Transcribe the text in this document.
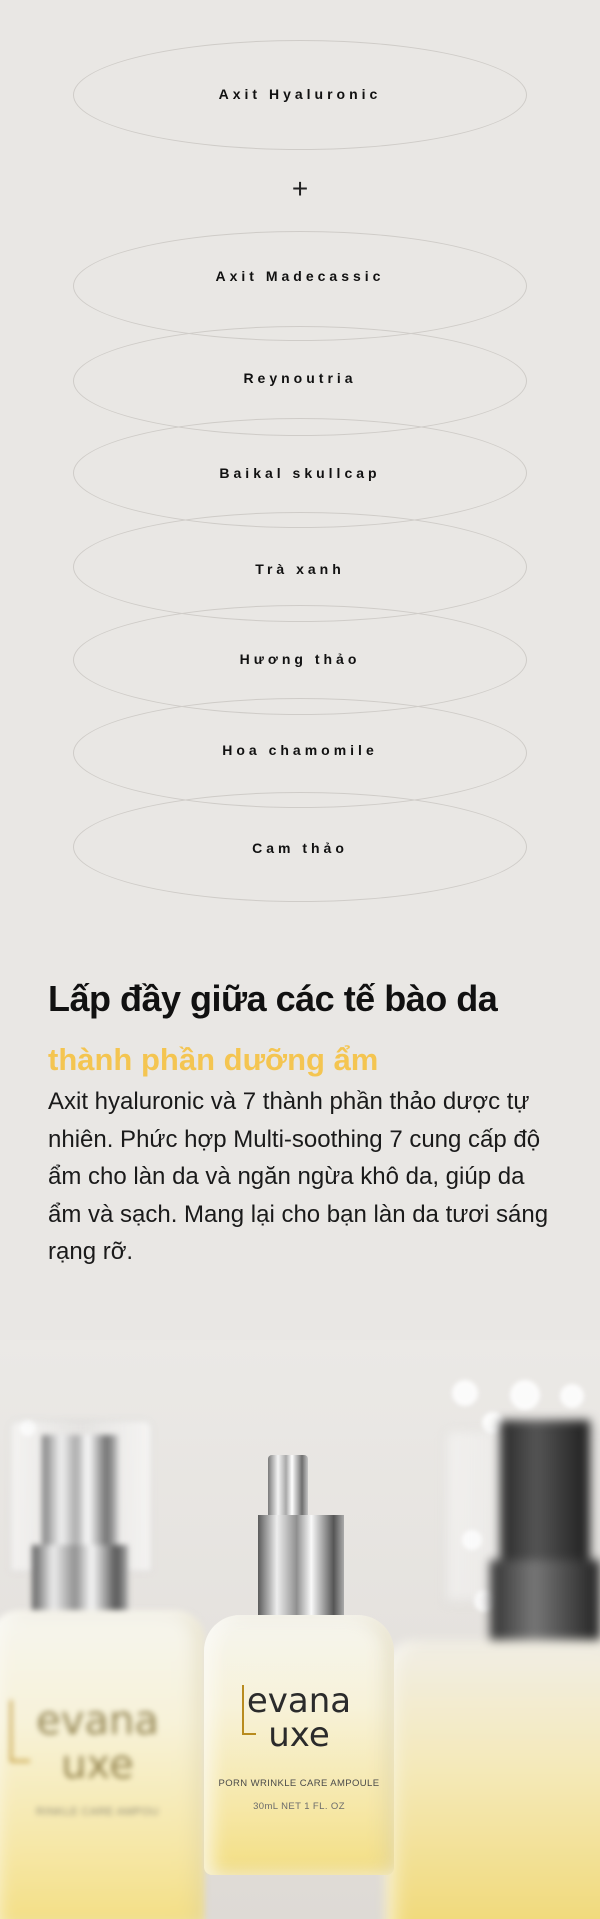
Axit Hyaluronic
+
Axit Madecassic
Reynoutria
Baikal skullcap
Trà xanh
Hương thảo
Hoa chamomile
Cam thảo
Lấp đầy giữa các tế bào da
thành phần dưỡng ẩm

Axit hyaluronic và 7 thành phần thảo dược tự nhiên. Phức hợp Multi-soothing 7 cung cấp độ ẩm cho làn da và ngăn ngừa khô da, giúp da ẩm và sạch. Mang lại cho bạn làn da tươi sáng rạng rỡ.

evana
uxe
RINKLE CARE AMPOU
evana
uxe
PORN WRINKLE CARE AMPOULE
30mL NET 1 FL. OZ
